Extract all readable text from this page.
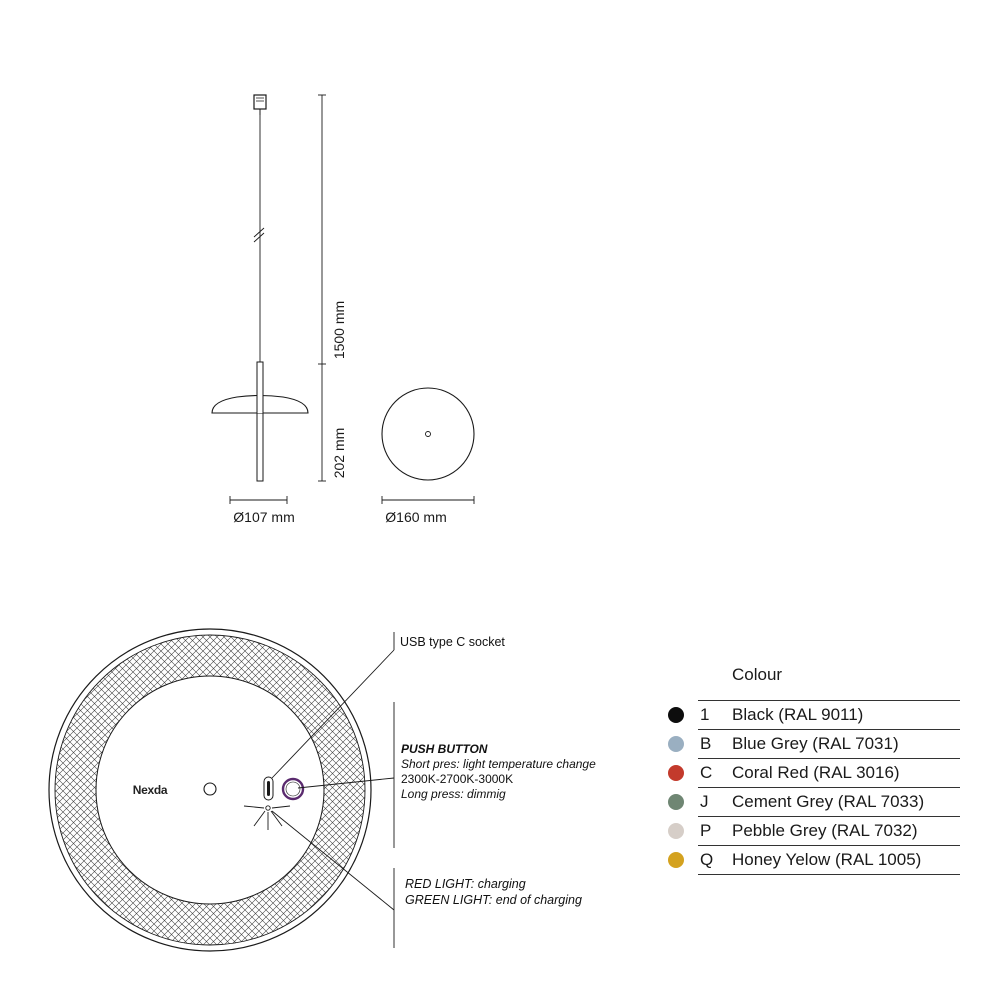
1500 mm
202 mm
Ø107 mm	Ø160 mm
Nexda
USB type C socket
PUSH BUTTON
Short pres: light temperature change
2300K-2700K-3000K
Long press: dimmig
RED LIGHT: charging
GREEN LIGHT: end of charging
Colour
1 Black (RAL 9011)
B Blue Grey (RAL 7031)
C Coral Red (RAL 3016)
J Cement Grey (RAL 7033)
P Pebble Grey (RAL 7032)
Q Honey Yelow (RAL 1005)
